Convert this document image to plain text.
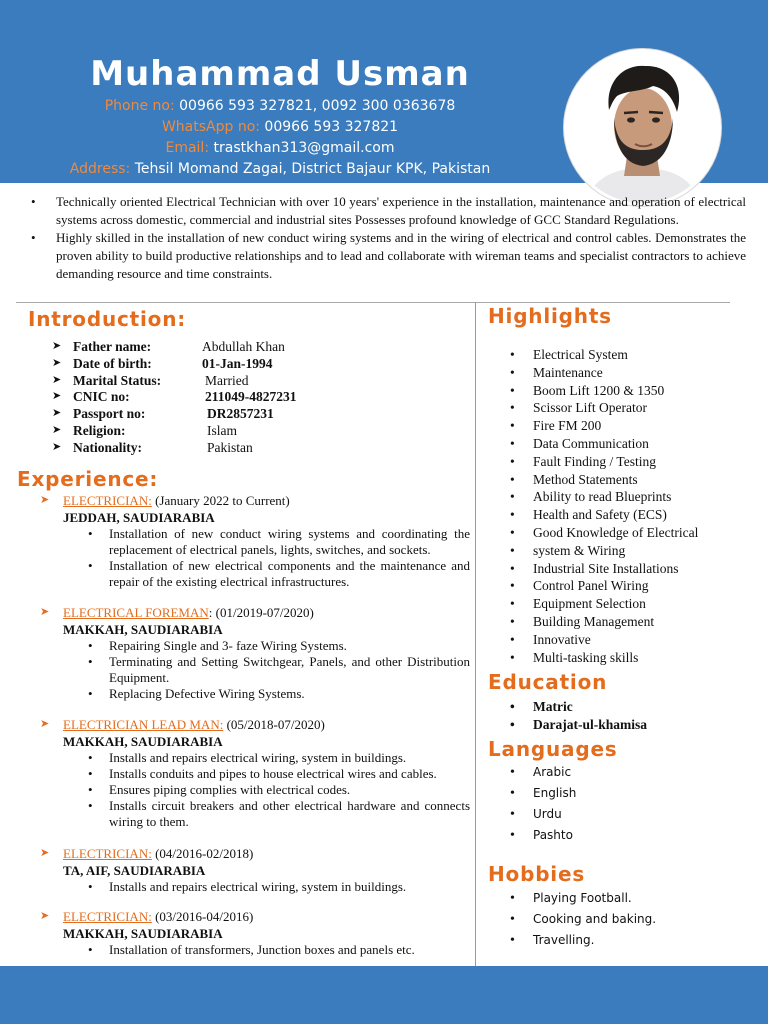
Muhammad Usman
Phone no: 00966 593 327821, 0092 300 0363678
WhatsApp no: 00966 593 327821
Email: trastkhan313@gmail.com
Address: Tehsil Momand Zagai, District Bajaur KPK, Pakistan
• Technically oriented Electrical Technician with over 10 years' experience in the installation, maintenance and operation of electrical systems across domestic, commercial and industrial sites Possesses profound knowledge of GCC Standard Regulations.
• Highly skilled in the installation of new conduct wiring systems and in the wiring of electrical and control cables. Demonstrates the proven ability to build productive relationships and to lead and collaborate with wireman teams and specialist contractors to achieve demanding resource and time constraints.
Introduction:
➤ Father name:	Abdullah Khan
➤ Date of birth:	01-Jan-1994
➤ Marital Status:	Married
➤ CNIC no:	211049-4827231
➤ Passport no:	DR2857231
➤ Religion:	Islam
➤ Nationality:	Pakistan
Experience:
➤ ELECTRICIAN: (January 2022 to Current)
JEDDAH, SAUDIARABIA
• Installation of new conduct wiring systems and coordinating the replacement of electrical panels, lights, switches, and sockets.
• Installation of new electrical components and the maintenance and repair of the existing electrical infrastructures.
➤ ELECTRICAL FOREMAN: (01/2019-07/2020)
MAKKAH, SAUDIARABIA
• Repairing Single and 3- faze Wiring Systems.
• Terminating and Setting Switchgear, Panels, and other Distribution Equipment.
• Replacing Defective Wiring Systems.
➤ ELECTRICIAN LEAD MAN: (05/2018-07/2020)
MAKKAH, SAUDIARABIA
• Installs and repairs electrical wiring, system in buildings.
• Installs conduits and pipes to house electrical wires and cables.
• Ensures piping complies with electrical codes.
• Installs circuit breakers and other electrical hardware and connects wiring to them.
➤ ELECTRICIAN: (04/2016-02/2018)
TA, AIF, SAUDIARABIA
• Installs and repairs electrical wiring, system in buildings.
➤ ELECTRICIAN: (03/2016-04/2016)
MAKKAH, SAUDIARABIA
• Installation of transformers, Junction boxes and panels etc.
Highlights
• Electrical System
• Maintenance
• Boom Lift 1200 & 1350
• Scissor Lift Operator
• Fire FM 200
• Data Communication
• Fault Finding / Testing
• Method Statements
• Ability to read Blueprints
• Health and Safety (ECS)
• Good Knowledge of Electrical
• system & Wiring
• Industrial Site Installations
• Control Panel Wiring
• Equipment Selection
• Building Management
• Innovative
• Multi-tasking skills
Education
• Matric
• Darajat-ul-khamisa
Languages
• Arabic
• English
• Urdu
• Pashto
Hobbies
• Playing Football.
• Cooking and baking.
• Travelling.
